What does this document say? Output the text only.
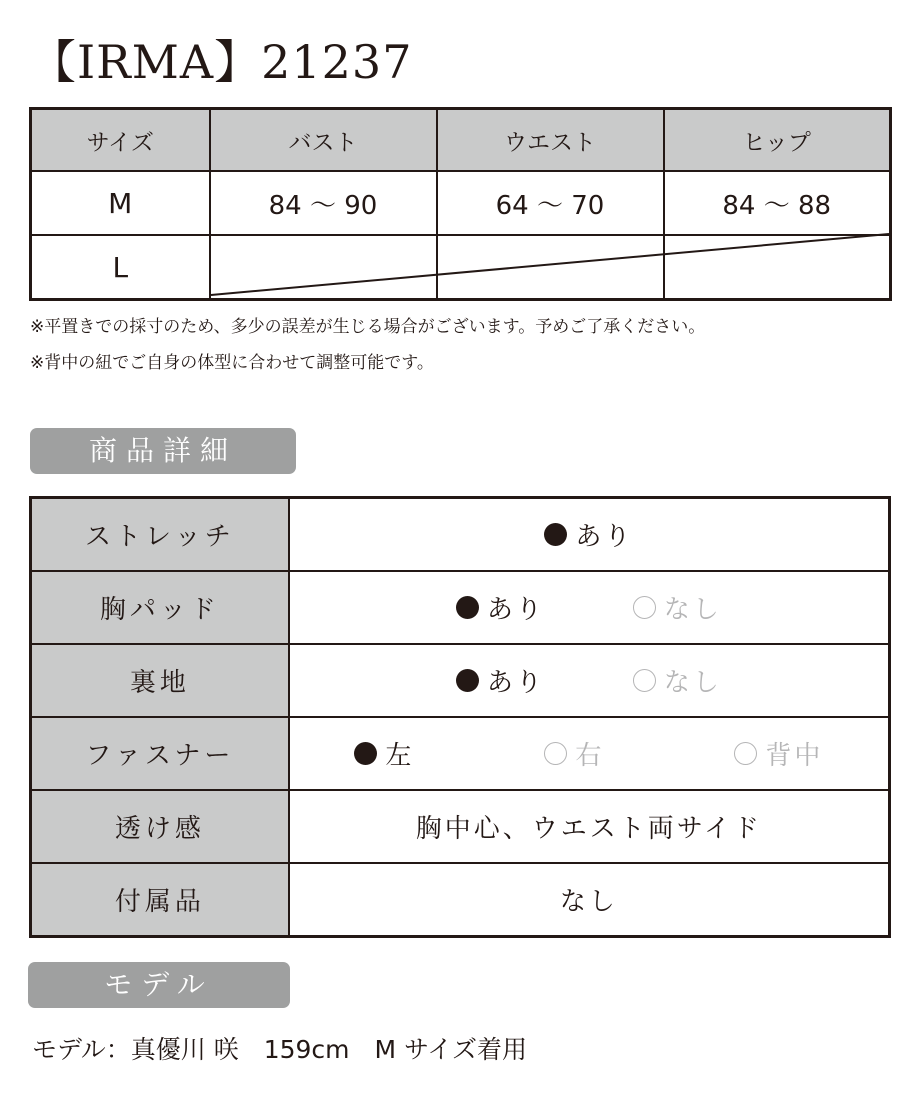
【IRMA】21237
サイズ	バスト	ウエスト	ヒップ
M	84 〜 90	64 〜 70	84 〜 88
L			
※平置きでの採寸のため、多少の誤差が生じる場合がございます。予めご了承ください。
※背中の紐でご自身の体型に合わせて調整可能です。
商品詳細
ストレッチ	あり

胸パッド	あり なし

裏地	あり なし

ファスナー	左 右 背中

透け感	胸中心、ウエスト両サイド
付属品	なし
モデル
モデル：真優川 咲　159cm　M サイズ着用
